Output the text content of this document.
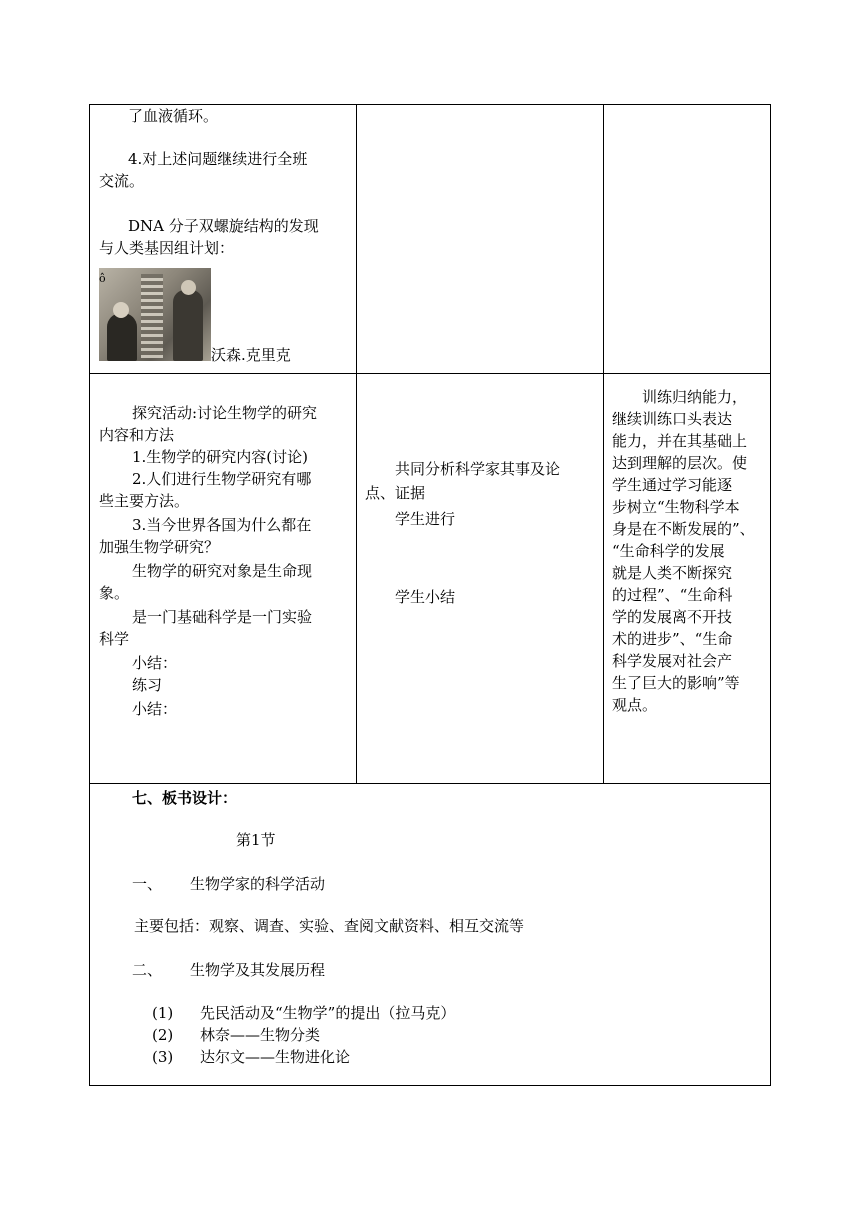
了血液循环。
4.对上述问题继续进行全班
交流。
DNA 分子双螺旋结构的发现
与人类基因组计划：
ô
沃森.克里克
探究活动:讨论生物学的研究
内容和方法
1.生物学的研究内容(讨论)
2.人们进行生物学研究有哪
些主要方法。
3.当今世界各国为什么都在
加强生物学研究？
生物学的研究对象是生命现
象。
是一门基础科学是一门实验
科学
小结：
练习
小结：
共同分析科学家其事及论
点、证据
学生进行
学生小结
训练归纳能力，
继续训练口头表达
能力，并在其基础上
达到理解的层次。使
学生通过学习能逐
步树立“生物科学本
身是在不断发展的”、
“生命科学的发展
就是人类不断探究
的过程”、“生命科
学的发展离不开技
术的进步”、“生命
科学发展对社会产
生了巨大的影响”等
观点。
七、板书设计：
第1节
一、 生物学家的科学活动
主要包括：观察、调查、实验、查阅文献资料、相互交流等
二、 生物学及其发展历程
(1) 先民活动及“生物学”的提出（拉马克）
(2) 林奈——生物分类
(3) 达尔文——生物进化论
